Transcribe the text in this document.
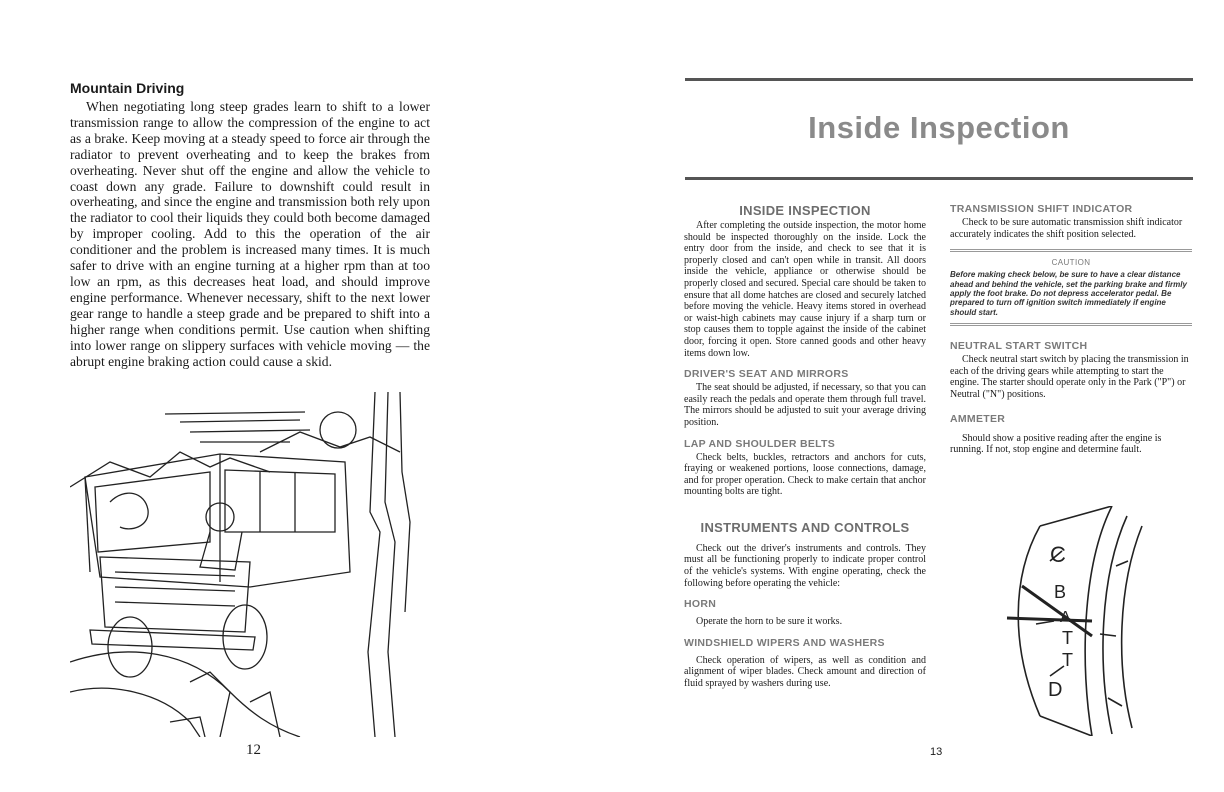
Mountain Driving

When negotiating long steep grades learn to shift to a lower transmission range to allow the compression of the engine to act as a brake. Keep moving at a steady speed to force air through the radiator to prevent overheating and to keep the brakes from overheating. Never shut off the engine and allow the vehicle to coast down any grade. Failure to downshift could result in overheating, and since the engine and transmission both rely upon the radiator to cool their liquids they could both become damaged by improper cooling. Add to this the operation of the air conditioner and the problem is increased many times. It is much safer to drive with an engine turning at a higher rpm than at too low an rpm, as this decreases heat load, and should improve engine performance. Whenever necessary, shift to the next lower gear range to handle a steep grade and be prepared to shift into a higher range when conditions permit. Use caution when shifting into lower range on slippery surfaces with vehicle moving — the abrupt engine braking action could cause a skid.

12
Inside Inspection
INSIDE INSPECTION

After completing the outside inspection, the motor home should be inspected thoroughly on the inside. Lock the entry door from the inside, and check to see that it is properly closed and can't open while in transit. All doors inside the vehicle, appliance or otherwise should be properly closed and secured. Special care should be taken to ensure that all dome hatches are closed and securely latched before moving the vehicle. Heavy items stored in overhead or waist-high cabinets may cause injury if a sharp turn or stop causes them to topple against the inside of the cabinet door, forcing it open. Store canned goods and other heavy items down low.

DRIVER'S SEAT AND MIRRORS

The seat should be adjusted, if necessary, so that you can easily reach the pedals and operate them through full travel. The mirrors should be adjusted to suit your average driving position.

LAP AND SHOULDER BELTS

Check belts, buckles, retractors and anchors for cuts, fraying or weakened portions, loose connections, damage, and for proper operation. Check to make certain that anchor mounting bolts are tight.

INSTRUMENTS AND CONTROLS

Check out the driver's instruments and controls. They must all be functioning properly to indicate proper control of the vehicle's systems. With engine operating, check the following before operating the vehicle:

HORN

Operate the horn to be sure it works.

WINDSHIELD WIPERS AND WASHERS

Check operation of wipers, as well as condition and alignment of wiper blades. Check amount and direction of fluid sprayed by washers during use.

TRANSMISSION SHIFT INDICATOR

Check to be sure automatic transmission shift indicator accurately indicates the shift position selected.

CAUTION
Before making check below, be sure to have a clear distance ahead and behind the vehicle, set the parking brake and firmly apply the foot brake. Do not depress accelerator pedal. Be prepared to turn off ignition switch immediately if engine should start.
NEUTRAL START SWITCH

Check neutral start switch by placing the transmission in each of the driving gears while attempting to start the engine. The starter should operate only in the Park ("P") or Neutral ("N") positions.

AMMETER

Should show a positive reading after the engine is running. If not, stop engine and determine fault.

C
B
A
T
T
D
13
